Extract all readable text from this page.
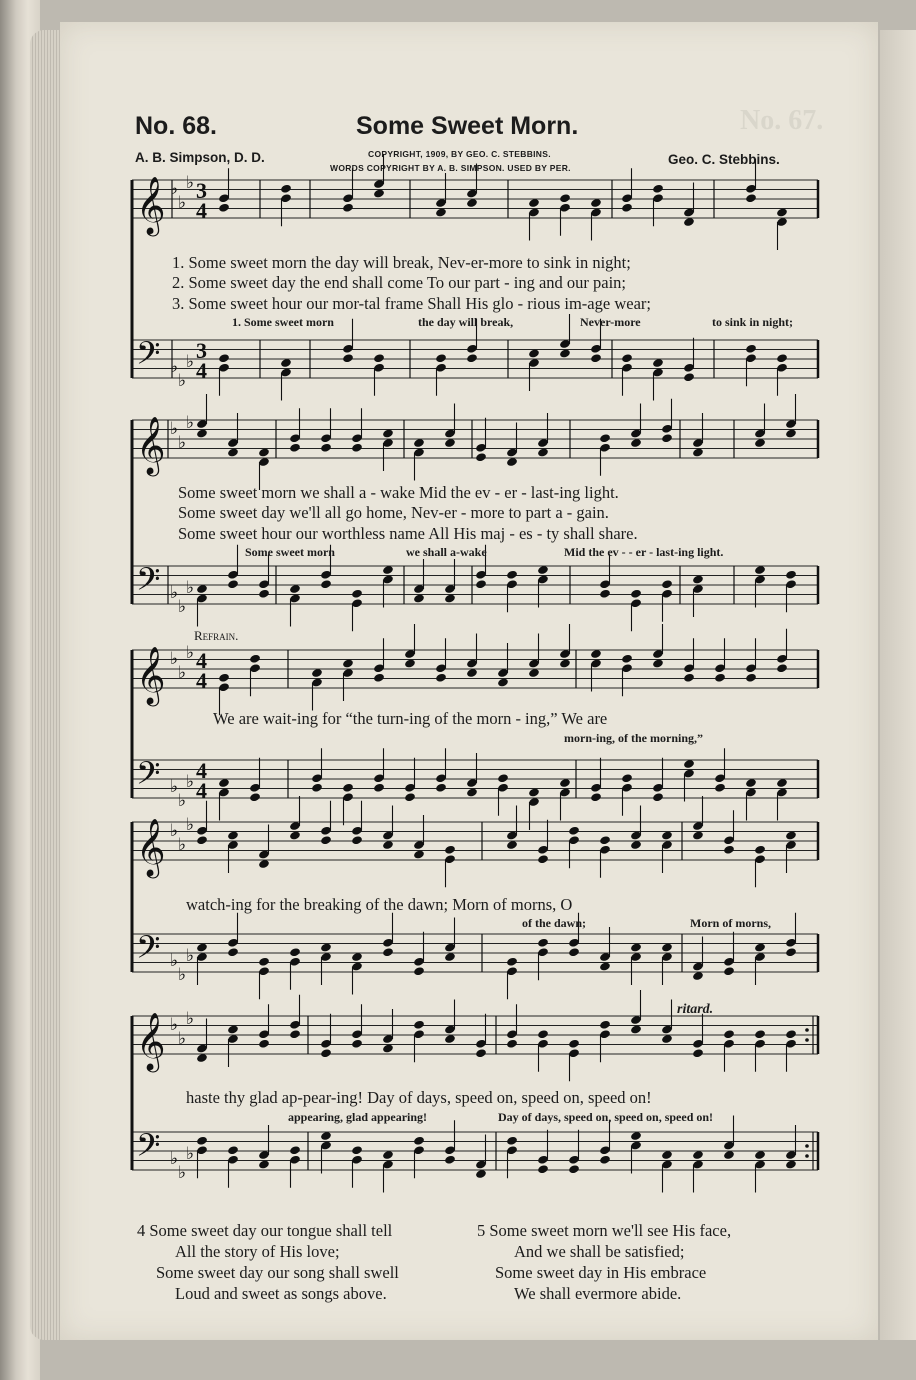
No. 67.
No. 68.	Some Sweet Morn.
A. B. Simpson, D. D.	COPYRIGHT, 1909, BY GEO. C. STEBBINS.
WORDS COPYRIGHT BY A. B. SIMPSON. USED BY PER.
Geo. C. Stebbins.
𝄞 ♭
♭
♭ 3
4
𝄢 ♭
♭
♭ 3
4
1. Some sweet morn the day will break, Nev-er-more to sink in night;
2. Some sweet day the end shall come To our part - ing and our pain;
3. Some sweet hour our mor-tal frame Shall His glo - rious im-age wear;
1. Some sweet morn	the day will break,	Never-more	to sink in night;
𝄞 ♭
♭
♭
𝄢 ♭
♭
♭
Some sweet morn we shall a - wake Mid the ev - er - last-ing light.
Some sweet day we'll all go home, Nev-er - more to part a - gain.
Some sweet hour our worthless name All His maj - es - ty shall share.
Some sweet morn	we shall a-wake	Mid the ev - - er - last-ing light.
Refrain.
𝄞 ♭
♭
♭ 4
4
𝄢 ♭
♭
♭ 4
4
We are wait-ing for “the turn-ing of the morn - ing,” We are
morn-ing, of the morning,”
𝄞 ♭
♭
♭
𝄢 ♭
♭
♭
watch-ing for the breaking of the dawn; Morn of morns, O
of the dawn;	Morn of morns,
ritard.
𝄞 ♭
♭
♭
𝄢 ♭
♭
♭
haste thy glad ap-pear-ing! Day of days, speed on, speed on, speed on!
appearing, glad appearing!	Day of days, speed on, speed on, speed on!
4 Some sweet day our tongue shall tell
All the story of His love;
Some sweet day our song shall swell
Loud and sweet as songs above.
5 Some sweet morn we'll see His face,
And we shall be satisfied;
Some sweet day in His embrace
We shall evermore abide.
